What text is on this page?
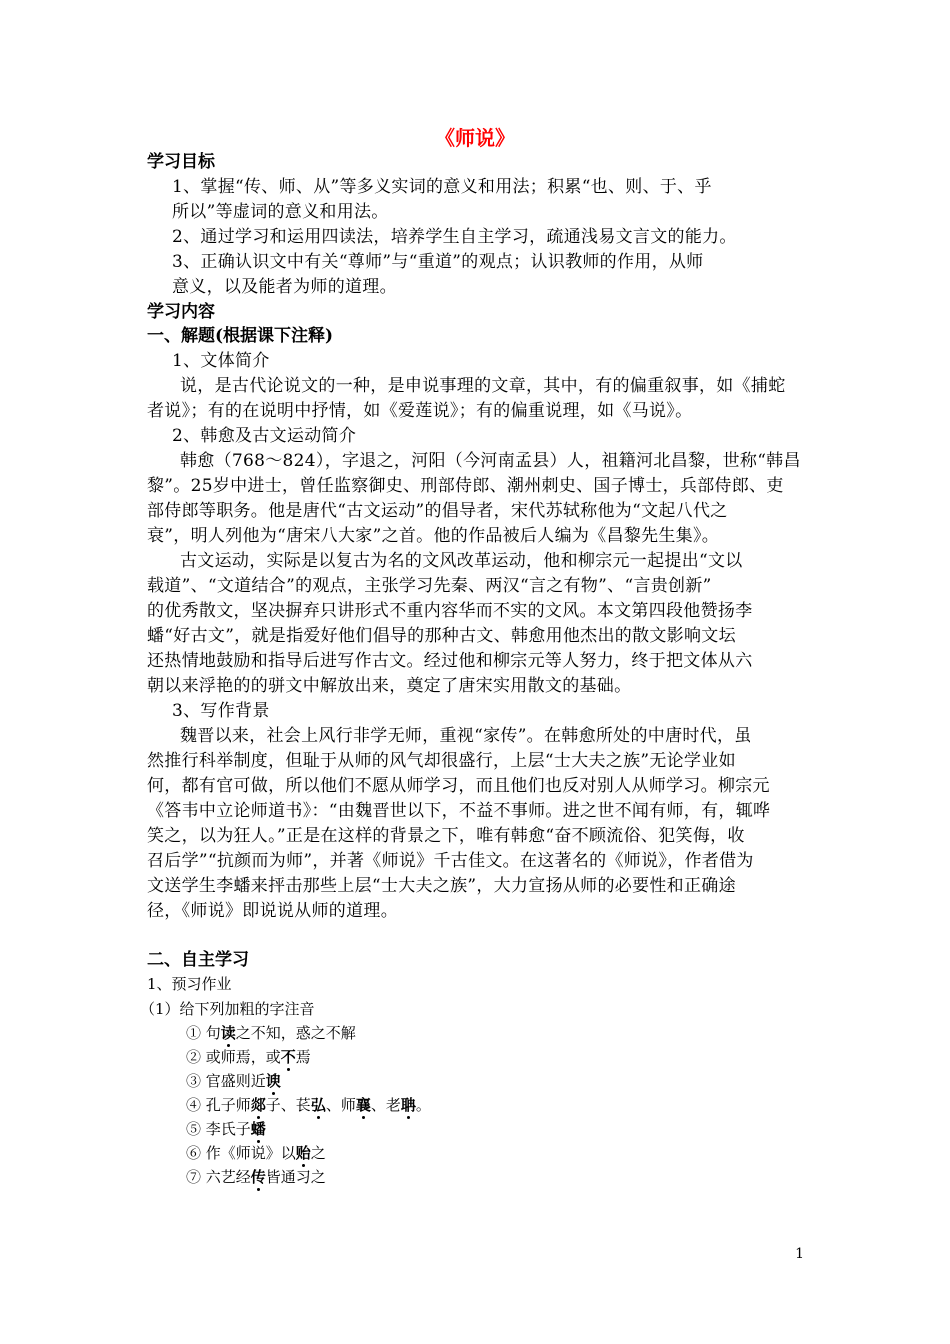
《师说》
学习目标
1、掌握“传、师、从”等多义实词的意义和用法；积累“也、则、于、乎
所以”等虚词的意义和用法。
2、通过学习和运用四读法，培养学生自主学习，疏通浅易文言文的能力。
3、正确认识文中有关“尊师”与“重道”的观点；认识教师的作用，从师
意义，以及能者为师的道理。
学习内容
一、解题(根据课下注释)
1、文体简介
说，是古代论说文的一种，是申说事理的文章，其中，有的偏重叙事，如《捕蛇
者说》；有的在说明中抒情，如《爱莲说》；有的偏重说理，如《马说》。
2、韩愈及古文运动简介
韩愈（768～824），字退之，河阳（今河南孟县）人，祖籍河北昌黎，世称“韩昌
黎”。25岁中进士，曾任监察御史、刑部侍郎、潮州刺史、国子博士，兵部侍郎、吏
部侍郎等职务。他是唐代“古文运动”的倡导者，宋代苏轼称他为“文起八代之
衰”，明人列他为“唐宋八大家”之首。他的作品被后人编为《昌黎先生集》。
古文运动，实际是以复古为名的文风改革运动，他和柳宗元一起提出“文以
载道”、“文道结合”的观点，主张学习先秦、两汉“言之有物”、“言贵创新”
的优秀散文，坚决摒弃只讲形式不重内容华而不实的文风。本文第四段他赞扬李
蟠“好古文”，就是指爱好他们倡导的那种古文、韩愈用他杰出的散文影响文坛
还热情地鼓励和指导后进写作古文。经过他和柳宗元等人努力，终于把文体从六
朝以来浮艳的的骈文中解放出来，奠定了唐宋实用散文的基础。
3、写作背景
魏晋以来，社会上风行非学无师，重视“家传”。在韩愈所处的中唐时代，虽
然推行科举制度，但耻于从师的风气却很盛行，上层“士大夫之族”无论学业如
何，都有官可做，所以他们不愿从师学习，而且他们也反对别人从师学习。柳宗元
《答韦中立论师道书》：“由魏晋世以下，不益不事师。进之世不闻有师，有，辄哗
笑之，以为狂人。”正是在这样的背景之下，唯有韩愈“奋不顾流俗、犯笑侮，收
召后学”“抗颜而为师”，并著《师说》千古佳文。在这著名的《师说》，作者借为
文送学生李蟠来抨击那些上层“士大夫之族”，大力宣扬从师的必要性和正确途
径，《师说》即说说从师的道理。
二、自主学习
1、预习作业
（1）给下列加粗的字注音
① 句读之不知，惑之不解
② 或师焉，或不焉
③ 官盛则近谀
④ 孔子师郯子、苌弘、师襄、老聃。
⑤ 李氏子蟠
⑥ 作《师说》以贻之
⑦ 六艺经传皆通习之
1
